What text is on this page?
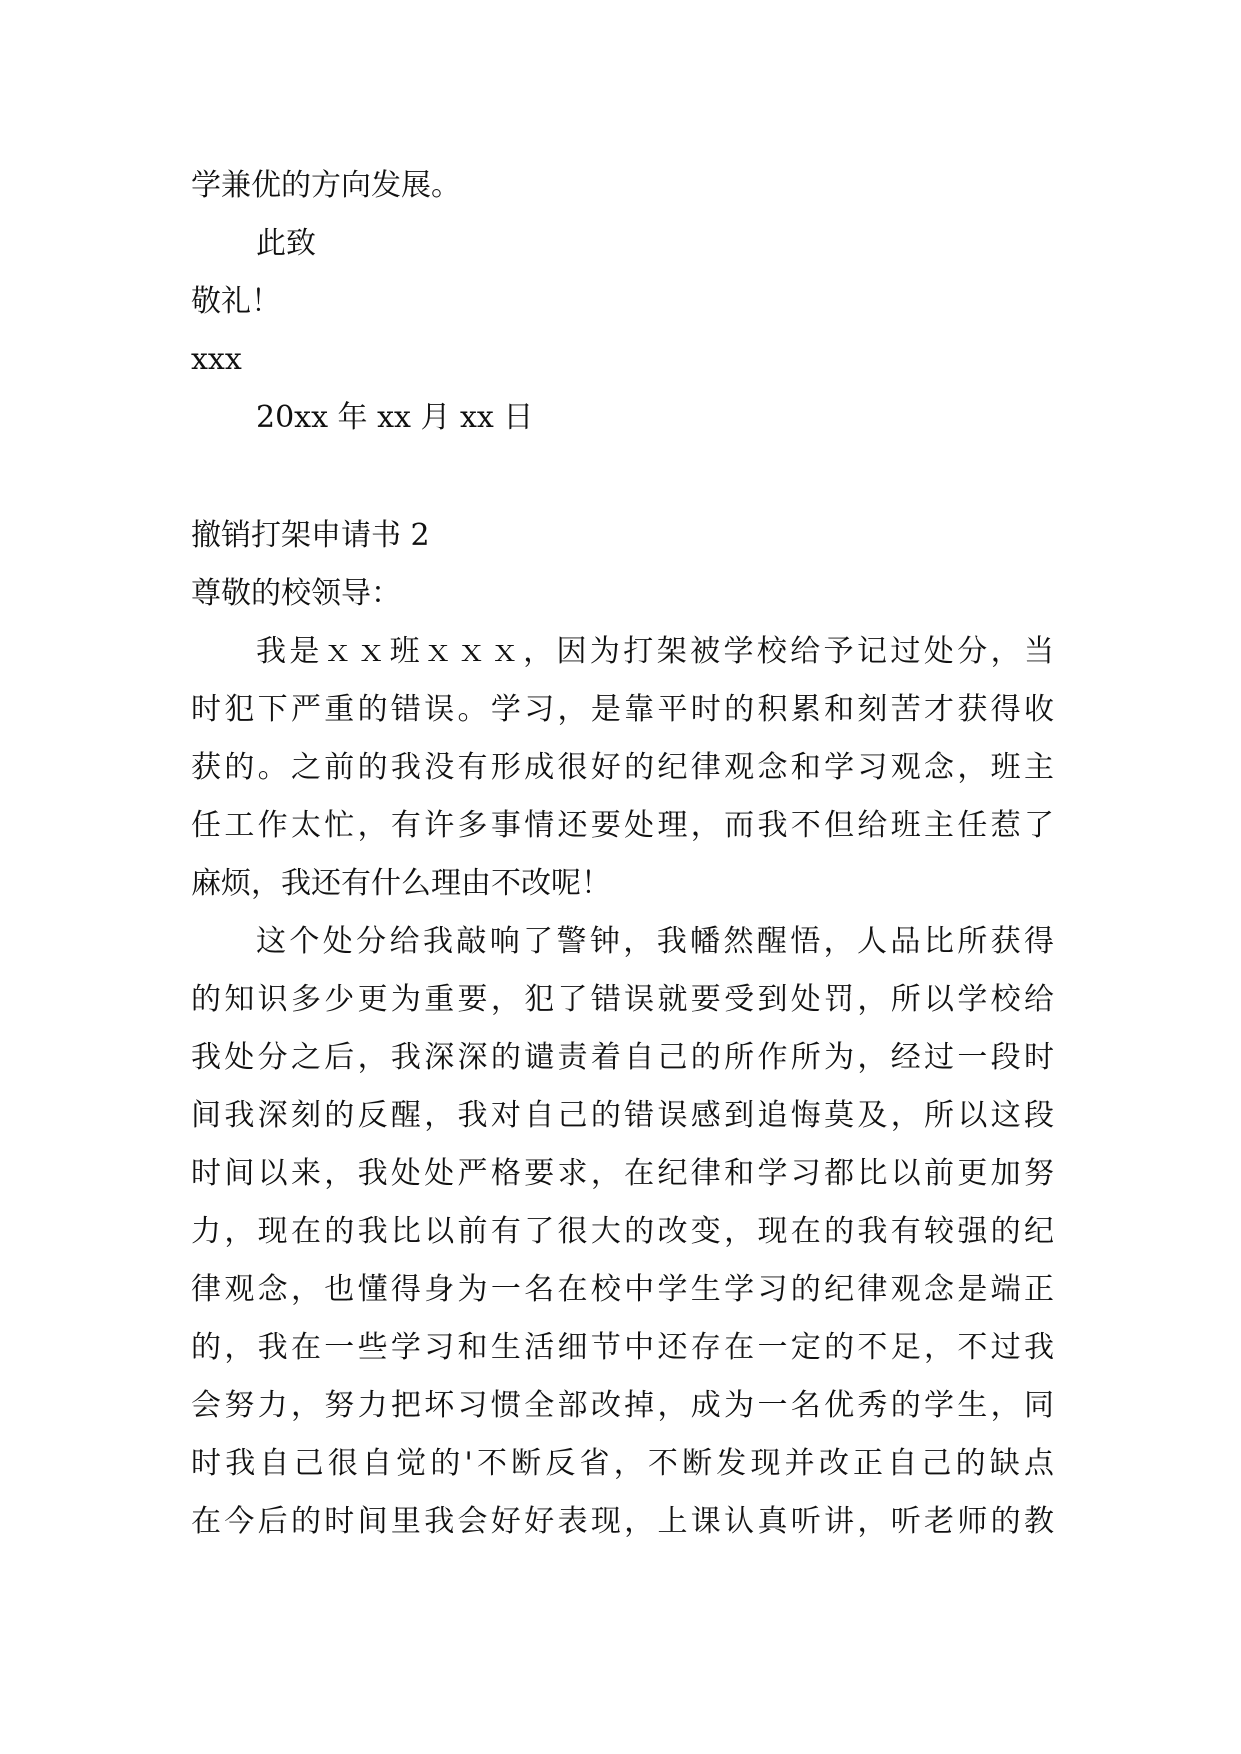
学兼优的方向发展。
此致
敬礼！
xxx
20xx 年 xx 月 xx 日
撤销打架申请书 2
尊敬的校领导：
我是ｘｘ班ｘｘｘ，因为打架被学校给予记过处分，当
时犯下严重的错误。学习，是靠平时的积累和刻苦才获得收
获的。之前的我没有形成很好的纪律观念和学习观念，班主
任工作太忙，有许多事情还要处理，而我不但给班主任惹了
麻烦，我还有什么理由不改呢！
这个处分给我敲响了警钟，我幡然醒悟，人品比所获得
的知识多少更为重要，犯了错误就要受到处罚，所以学校给
我处分之后，我深深的谴责着自己的所作所为，经过一段时
间我深刻的反醒，我对自己的错误感到追悔莫及，所以这段
时间以来，我处处严格要求，在纪律和学习都比以前更加努
力，现在的我比以前有了很大的改变，现在的我有较强的纪
律观念，也懂得身为一名在校中学生学习的纪律观念是端正
的，我在一些学习和生活细节中还存在一定的不足，不过我
会努力，努力把坏习惯全部改掉，成为一名优秀的学生，同
时我自己很自觉的'不断反省，不断发现并改正自己的缺点
在今后的时间里我会好好表现，上课认真听讲，听老师的教
